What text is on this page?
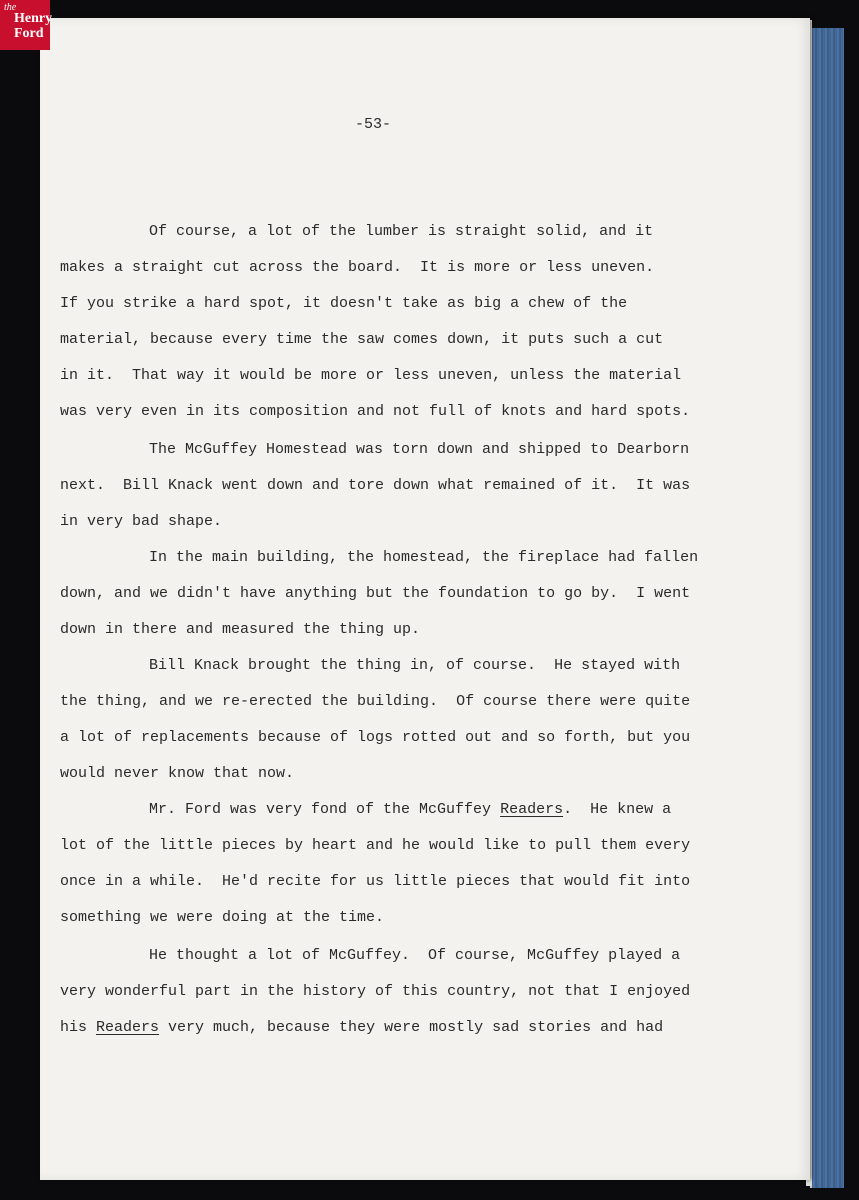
the
Henry
Ford
-53-
Of course, a lot of the lumber is straight solid, and it
makes a straight cut across the board.  It is more or less uneven.
If you strike a hard spot, it doesn't take as big a chew of the
material, because every time the saw comes down, it puts such a cut
in it.  That way it would be more or less uneven, unless the material
was very even in its composition and not full of knots and hard spots.
The McGuffey Homestead was torn down and shipped to Dearborn
next.  Bill Knack went down and tore down what remained of it.  It was
in very bad shape.
In the main building, the homestead, the fireplace had fallen
down, and we didn't have anything but the foundation to go by.  I went
down in there and measured the thing up.
Bill Knack brought the thing in, of course.  He stayed with
the thing, and we re-erected the building.  Of course there were quite
a lot of replacements because of logs rotted out and so forth, but you
would never know that now.
Mr. Ford was very fond of the McGuffey Readers.  He knew a
lot of the little pieces by heart and he would like to pull them every
once in a while.  He'd recite for us little pieces that would fit into
something we were doing at the time.
He thought a lot of McGuffey.  Of course, McGuffey played a
very wonderful part in the history of this country, not that I enjoyed
his Readers very much, because they were mostly sad stories and had
